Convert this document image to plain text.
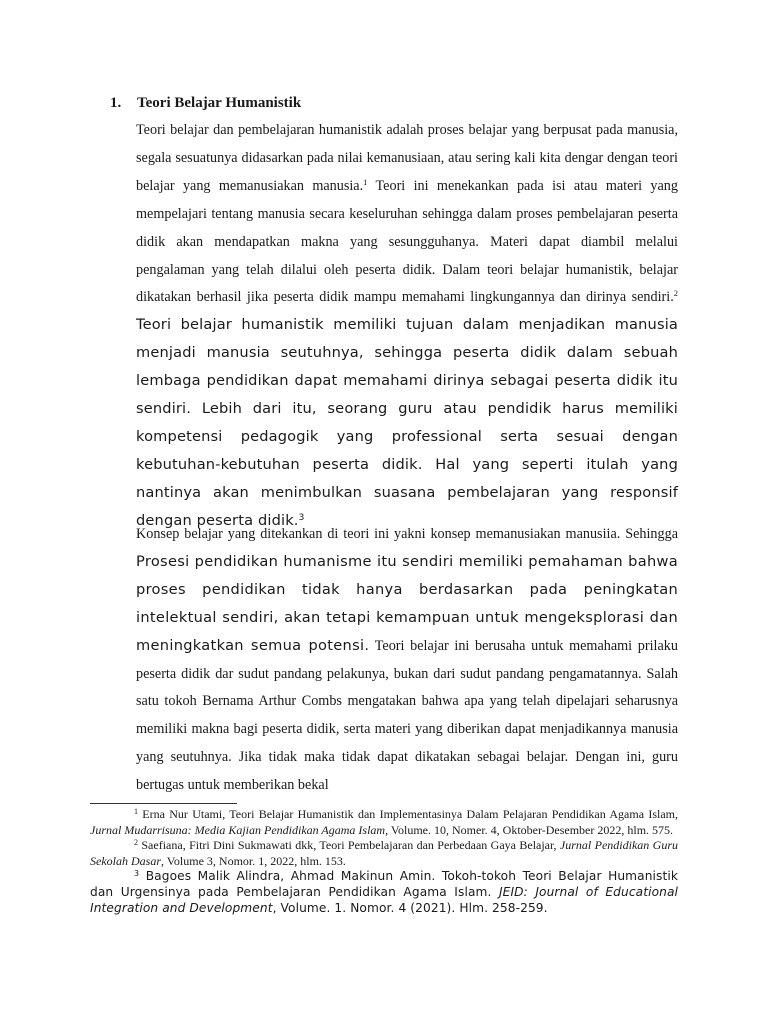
1. Teori Belajar Humanistik

Teori belajar dan pembelajaran humanistik adalah proses belajar yang berpusat pada manusia, segala sesuatunya didasarkan pada nilai kemanusiaan, atau sering kali kita dengar dengan teori belajar yang memanusiakan manusia.$^1$ Teori ini menekankan pada isi atau materi yang mempelajari tentang manusia secara keseluruhan sehingga dalam proses pembelajaran peserta didik akan mendapatkan makna yang sesungguhanya. Materi dapat diambil melalui pengalaman yang telah dilalui oleh peserta didik. Dalam teori belajar humanistik, belajar dikatakan berhasil jika peserta didik mampu memahami lingkungannya dan dirinya sendiri.$^2$ Teori belajar humanistik memiliki tujuan dalam menjadikan manusia menjadi manusia seutuhnya, sehingga peserta didik dalam sebuah lembaga pendidikan dapat memahami dirinya sebagai peserta didik itu sendiri. Lebih dari itu, seorang guru atau pendidik harus memiliki kompetensi pedagogik yang professional serta sesuai dengan kebutuhan-kebutuhan peserta didik. Hal yang seperti itulah yang nantinya akan menimbulkan suasana pembelajaran yang responsif dengan peserta didik.$^3$

Konsep belajar yang ditekankan di teori ini yakni konsep memanusiakan manusiia. Sehingga Prosesi pendidikan humanisme itu sendiri memiliki pemahaman bahwa proses pendidikan tidak hanya berdasarkan pada peningkatan intelektual sendiri, akan tetapi kemampuan untuk mengeksplorasi dan meningkatkan semua potensi. Teori belajar ini berusaha untuk memahami prilaku peserta didik dar sudut pandang pelakunya, bukan dari sudut pandang pengamatannya. Salah satu tokoh Bernama Arthur Combs mengatakan bahwa apa yang telah dipelajari seharusnya memiliki makna bagi peserta didik, serta materi yang diberikan dapat menjadikannya manusia yang seutuhnya. Jika tidak maka tidak dapat dikatakan sebagai belajar. Dengan ini, guru bertugas untuk memberikan bekal

$^1$ Erna Nur Utami, Teori Belajar Humanistik dan Implementasinya Dalam Pelajaran Pendidikan Agama Islam, Jurnal Mudarrisuna: Media Kajian Pendidikan Agama Islam, Volume. 10, Nomer. 4, Oktober-Desember 2022, hlm. 575.

$^2$ Saefiana, Fitri Dini Sukmawati dkk, Teori Pembelajaran dan Perbedaan Gaya Belajar, Jurnal Pendidikan Guru Sekolah Dasar, Volume 3, Nomor. 1, 2022, hlm. 153.

$^3$ Bagoes Malik Alindra, Ahmad Makinun Amin. Tokoh-tokoh Teori Belajar Humanistik dan Urgensinya pada Pembelajaran Pendidikan Agama Islam. JEID: Journal of Educational Integration and Development, Volume. 1. Nomor. 4 (2021). Hlm. 258-259.
